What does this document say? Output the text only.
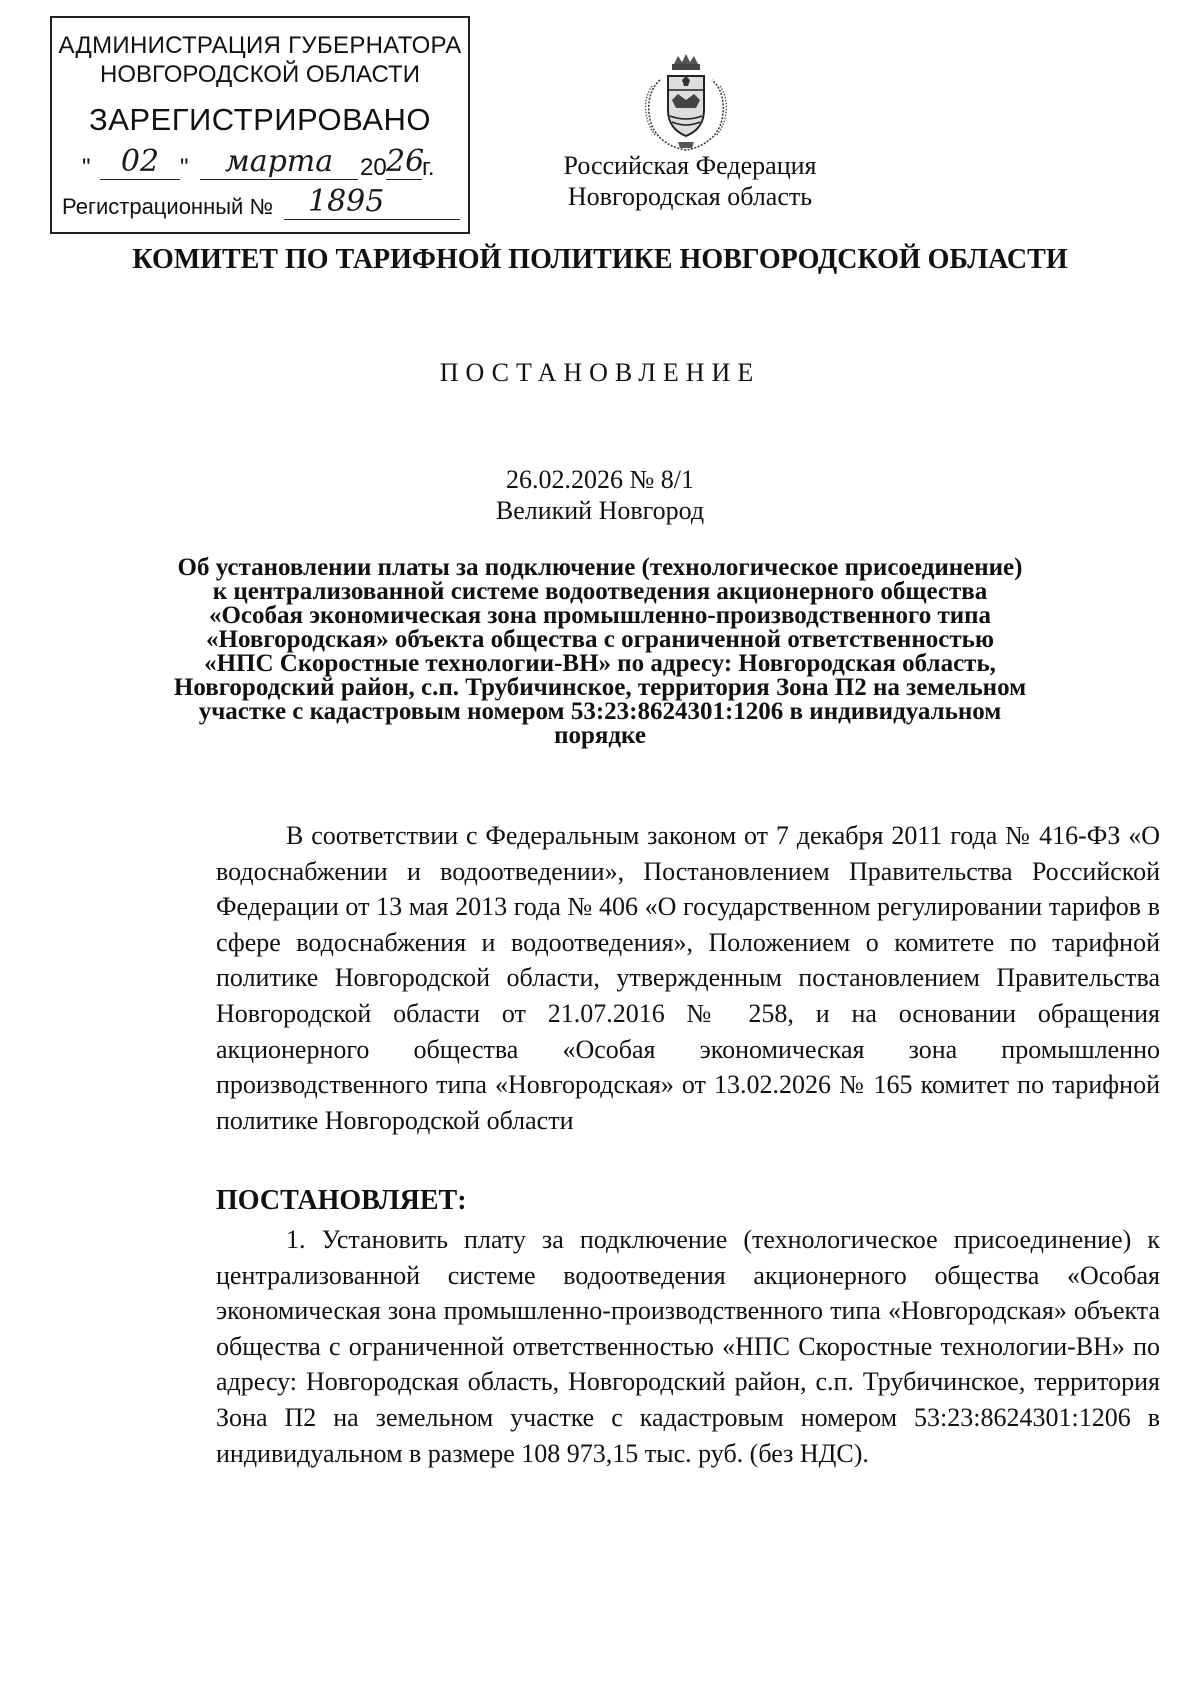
АДМИНИСТРАЦИЯ ГУБЕРНАТОРА
НОВГОРОДСКОЙ ОБЛАСТИ
ЗАРЕГИСТРИРОВАНО
"	02 "	марта	20 26
г.
Регистрационный №	1895
Российская Федерация
Новгородская область
КОМИТЕТ ПО ТАРИФНОЙ ПОЛИТИКЕ НОВГОРОДСКОЙ ОБЛАСТИ
ПОСТАНОВЛЕНИЕ
26.02.2026 № 8/1
Великий Новгород
Об установлении платы за подключение (технологическое присоединение) к централизованной системе водоотведения акционерного общества «Особая экономическая зона промышленно-производственного типа «Новгородская» объекта общества с ограниченной ответственностью «НПС Скоростные технологии-ВН» по адресу: Новгородская область, Новгородский район, с.п. Трубичинское, территория Зона П2 на земельном участке с кадастровым номером 53:23:8624301:1206 в индивидуальном порядке
В соответствии с Федеральным законом от 7 декабря 2011 года № 416-ФЗ «О водоснабжении и водоотведении», Постановлением Правительства Российской Федерации от 13 мая 2013 года № 406 «О государственном регулировании тарифов в сфере водоснабжения и водоотведения», Положением о комитете по тарифной политике Новгородской области, утвержденным постановлением Правительства Новгородской области от 21.07.2016 № 258, и на основании обращения акционерного общества «Особая экономическая зона промышленно производственного типа «Новгородская» от 13.02.2026 № 165 комитет по тарифной политике Новгородской области
ПОСТАНОВЛЯЕТ:
1. Установить плату за подключение (технологическое присоединение) к централизованной системе водоотведения акционерного общества «Особая экономическая зона промышленно-производственного типа «Новгородская» объекта общества с ограниченной ответственностью «НПС Скоростные технологии-ВН» по адресу: Новгородская область, Новгородский район, с.п. Трубичинское, территория Зона П2 на земельном участке с кадастровым номером 53:23:8624301:1206 в индивидуальном в размере 108 973,15 тыс. руб. (без НДС).
